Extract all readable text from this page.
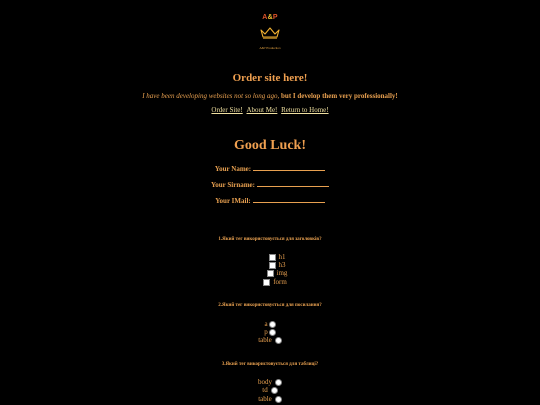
A&P
A&P Production
Order site here!
I have been developing websites not so long ago, but I develop them very professionally!
Order Site! About Me! Return to Home!
Good Luck!
Your Name:
Your Sirname:
Your IMail:
1.Який тег використовується для заголовків?
h1
h3
img
form
2.Який тег використовується для посилання?
a
p
table
3.Який тег використовується для таблиці?
body
td
table
